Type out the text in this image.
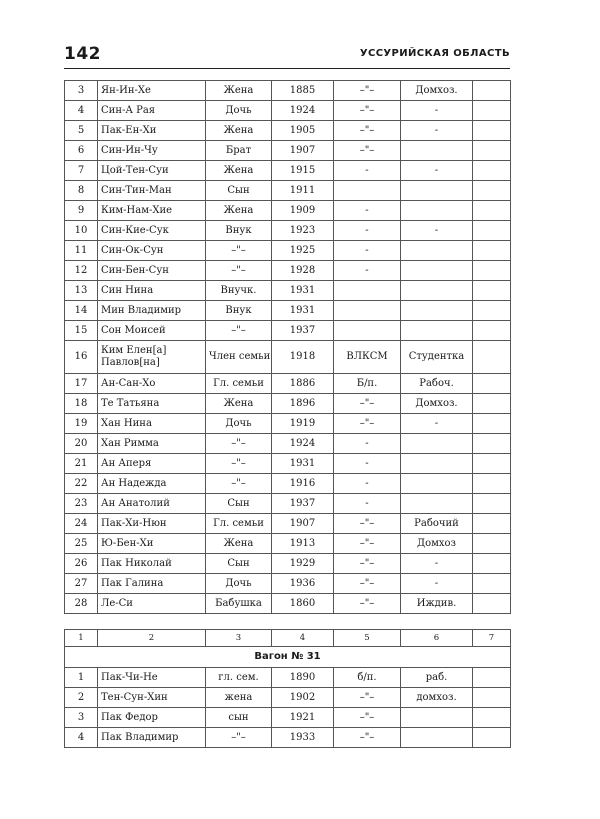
142	УССУРИЙСКАЯ ОБЛАСТЬ
3	Ян-Ин-Хе	Жена	1885	–"–	Домхоз.	
4	Син-А Рая	Дочь	1924	–"–	-	
5	Пак-Ен-Хи	Жена	1905	–"–	-	
6	Син-Ин-Чу	Брат	1907	–"–		
7	Цой-Тен-Суи	Жена	1915	-	-	
8	Син-Тин-Ман	Сын	1911			
9	Ким-Нам-Хие	Жена	1909	-		
10	Син-Кие-Сук	Внук	1923	-	-	
11	Син-Ок-Сун	–"–	1925	-		
12	Син-Бен-Сун	–"–	1928	-		
13	Син Нина	Внучк.	1931			
14	Мин Владимир	Внук	1931			
15	Сон Моисей	–"–	1937			
16	Ким Елен[а] Павлов[на]	Член семьи	1918	ВЛКСМ	Студентка	
17	Ан-Сан-Хо	Гл. семьи	1886	Б/п.	Рабоч.	
18	Те Татьяна	Жена	1896	–"–	Домхоз.	
19	Хан Нина	Дочь	1919	–"–	-	
20	Хан Римма	–"–	1924	-		
21	Ан Аперя	–"–	1931	-		
22	Ан Надежда	–"–	1916	-		
23	Ан Анатолий	Сын	1937	-		
24	Пак-Хи-Нюн	Гл. семьи	1907	–"–	Рабочий	
25	Ю-Бен-Хи	Жена	1913	–"–	Домхоз	
26	Пак Николай	Сын	1929	–"–	-	
27	Пак Галина	Дочь	1936	–"–	-	
28	Ле-Си	Бабушка	1860	–"–	Иждив.	
1	2	3	4	5	6	7
Вагон № 31						
1	Пак-Чи-Не	гл. сем.	1890	б/п.	раб.	
2	Тен-Сун-Хин	жена	1902	–"–	домхоз.	
3	Пак Федор	сын	1921	–"–		
4	Пак Владимир	–"–	1933	–"–		
